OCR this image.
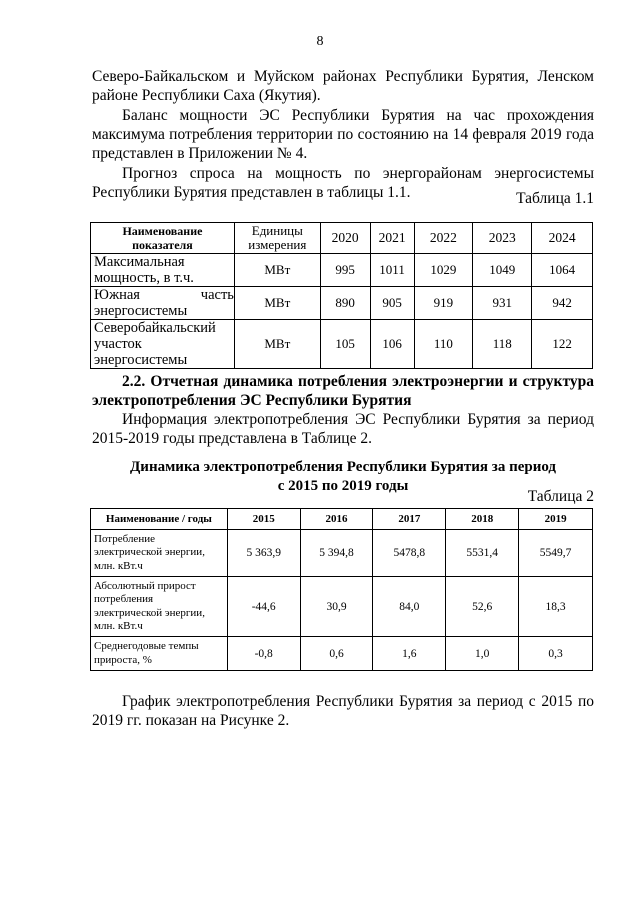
8

Северо-Байкальском и Муйском районах Республики Бурятия, Ленском районе Республики Саха (Якутия).

Баланс мощности ЭС Республики Бурятия на час прохождения максимума потребления территории по состоянию на 14 февраля 2019 года представлен в Приложении № 4.

Прогноз спроса на мощность по энергорайонам энергосистемы Республики Бурятия представлен в таблицы 1.1.	Таблица 1.1
Наименование показателя	Единицы измерения	2020	2021	2022	2023	2024
Максимальная мощность, в т.ч.	МВт	995	1011	1029	1049	1064
Южная часть энергосистемы	МВт	890	905	919	931	942
Северобайкальский участок энергосистемы	МВт	105	106	110	118	122

2.2. Отчетная динамика потребления электроэнергии и структура электропотребления ЭС Республики Бурятия

Информация электропотребления ЭС Республики Бурятия за период 2015-2019 годы представлена в Таблице 2.

Динамика электропотребления Республики Бурятия за период
с 2015 по 2019 годы
Таблица 2
Наименование / годы	2015	2016	2017	2018	2019
Потребление электрической энергии, млн. кВт.ч	5 363,9	5 394,8	5478,8	5531,4	5549,7
Абсолютный прирост потребления электрической энергии, млн. кВт.ч	-44,6	30,9	84,0	52,6	18,3
Среднегодовые темпы прироста, %	-0,8	0,6	1,6	1,0	0,3

График электропотребления Республики Бурятия за период с 2015 по 2019 гг. показан на Рисунке 2.
